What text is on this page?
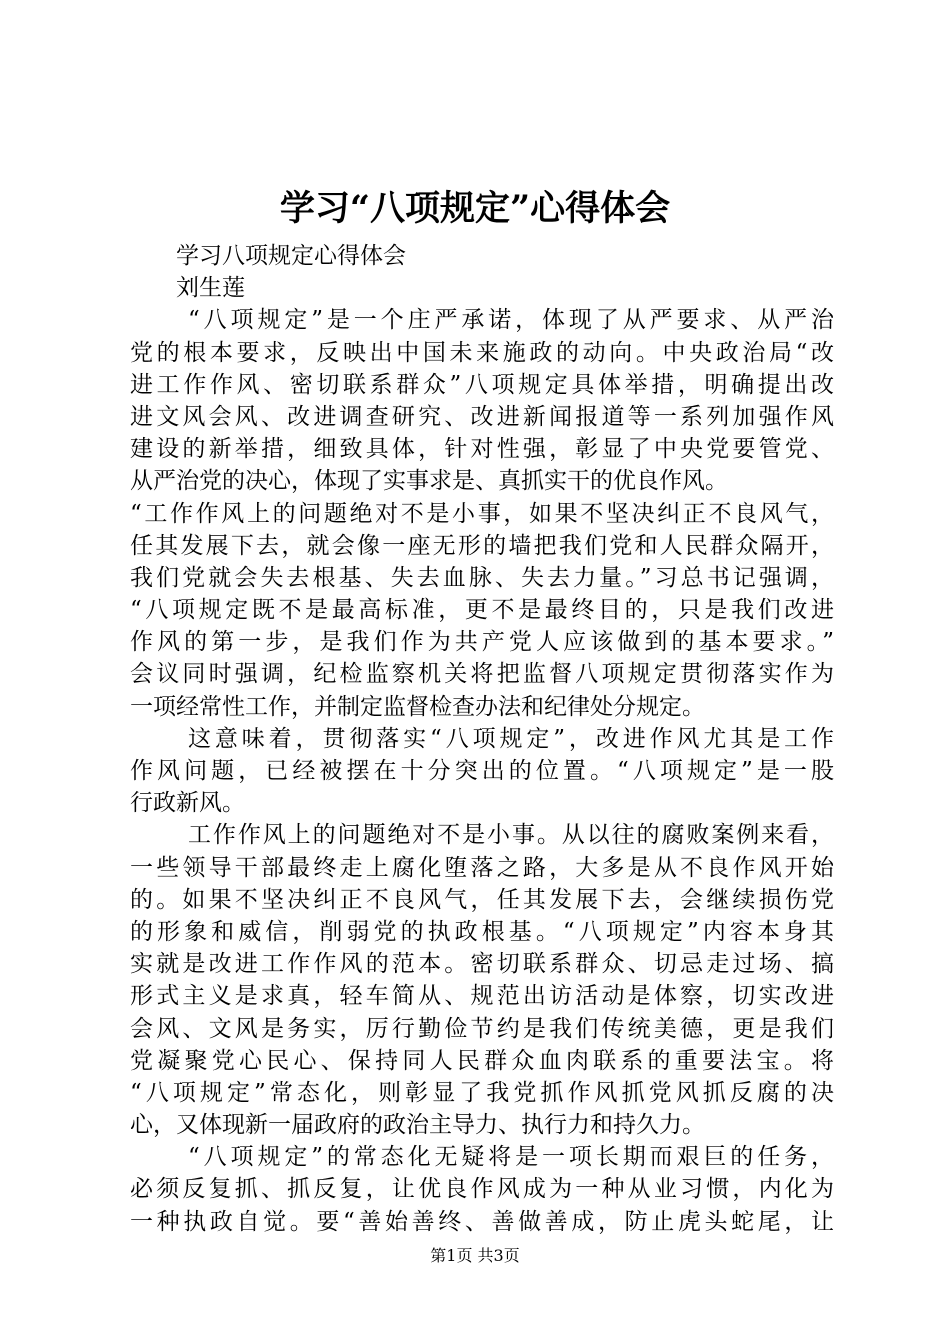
学习“八项规定”心得体会
学习八项规定心得体会
刘生莲
“八项规定”是一个庄严承诺，体现了从严要求、从严治
党的根本要求，反映出中国未来施政的动向。中央政治局“改
进工作作风、密切联系群众”八项规定具体举措，明确提出改
进文风会风、改进调查研究、改进新闻报道等一系列加强作风
建设的新举措，细致具体，针对性强，彰显了中央党要管党、
从严治党的决心，体现了实事求是、真抓实干的优良作风。
“工作作风上的问题绝对不是小事，如果不坚决纠正不良风气，
任其发展下去，就会像一座无形的墙把我们党和人民群众隔开，
我们党就会失去根基、失去血脉、失去力量。”习总书记强调，
“八项规定既不是最高标准，更不是最终目的，只是我们改进
作风的第一步，是我们作为共产党人应该做到的基本要求。”
会议同时强调，纪检监察机关将把监督八项规定贯彻落实作为
一项经常性工作，并制定监督检查办法和纪律处分规定。
这意味着，贯彻落实“八项规定”，改进作风尤其是工作
作风问题，已经被摆在十分突出的位置。“八项规定”是一股
行政新风。
工作作风上的问题绝对不是小事。从以往的腐败案例来看，
一些领导干部最终走上腐化堕落之路，大多是从不良作风开始
的。如果不坚决纠正不良风气，任其发展下去，会继续损伤党
的形象和威信，削弱党的执政根基。“八项规定”内容本身其
实就是改进工作作风的范本。密切联系群众、切忌走过场、搞
形式主义是求真，轻车简从、规范出访活动是体察，切实改进
会风、文风是务实，厉行勤俭节约是我们传统美德，更是我们
党凝聚党心民心、保持同人民群众血肉联系的重要法宝。将
“八项规定”常态化，则彰显了我党抓作风抓党风抓反腐的决
心，又体现新一届政府的政治主导力、执行力和持久力。
“八项规定”的常态化无疑将是一项长期而艰巨的任务，
必须反复抓、抓反复，让优良作风成为一种从业习惯，内化为
一种执政自觉。要“善始善终、善做善成，防止虎头蛇尾，让
第1页 共3页
